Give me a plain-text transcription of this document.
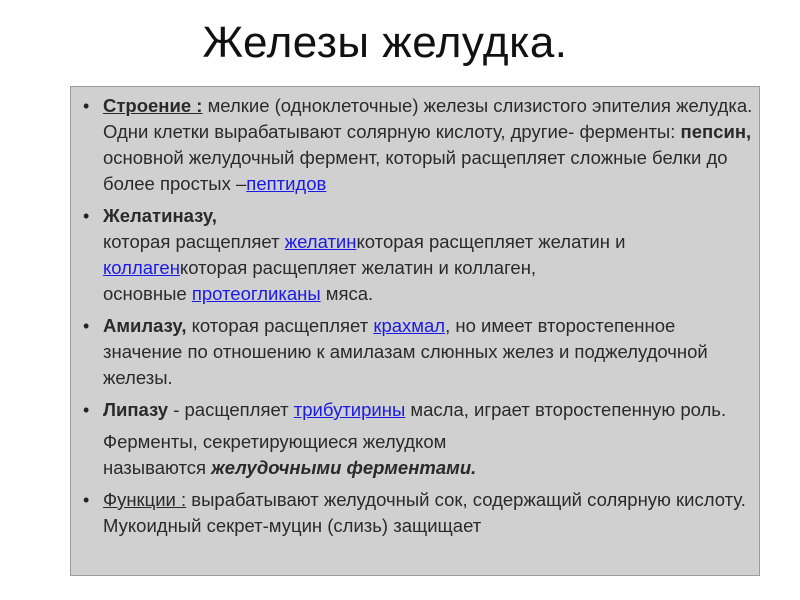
Железы желудка.
• Строение : мелкие (одноклеточные) железы слизистого эпителия желудка. Одни клетки вырабатывают солярную кислоту, другие- ферменты: пепсин, основной желудочный фермент, который расщепляет сложные белки до более простых –пептидов
• Желатиназу,
которая расщепляет желатинкоторая расщепляет желатин и коллагенкоторая расщепляет желатин и коллаген,
основные протеогликаны мяса.
• Амилазу, которая расщепляет крахмал, но имеет второстепенное значение по отношению к амилазам слюнных желез и поджелудочной железы.
• Липазу - расщепляет трибутирины масла, играет второстепенную роль.
Ферменты, секретирующиеся желудком
называются желудочными ферментами.
• Функции : вырабатывают желудочный сок, содержащий солярную кислоту. Мукоидный секрет-муцин (слизь) защищает
